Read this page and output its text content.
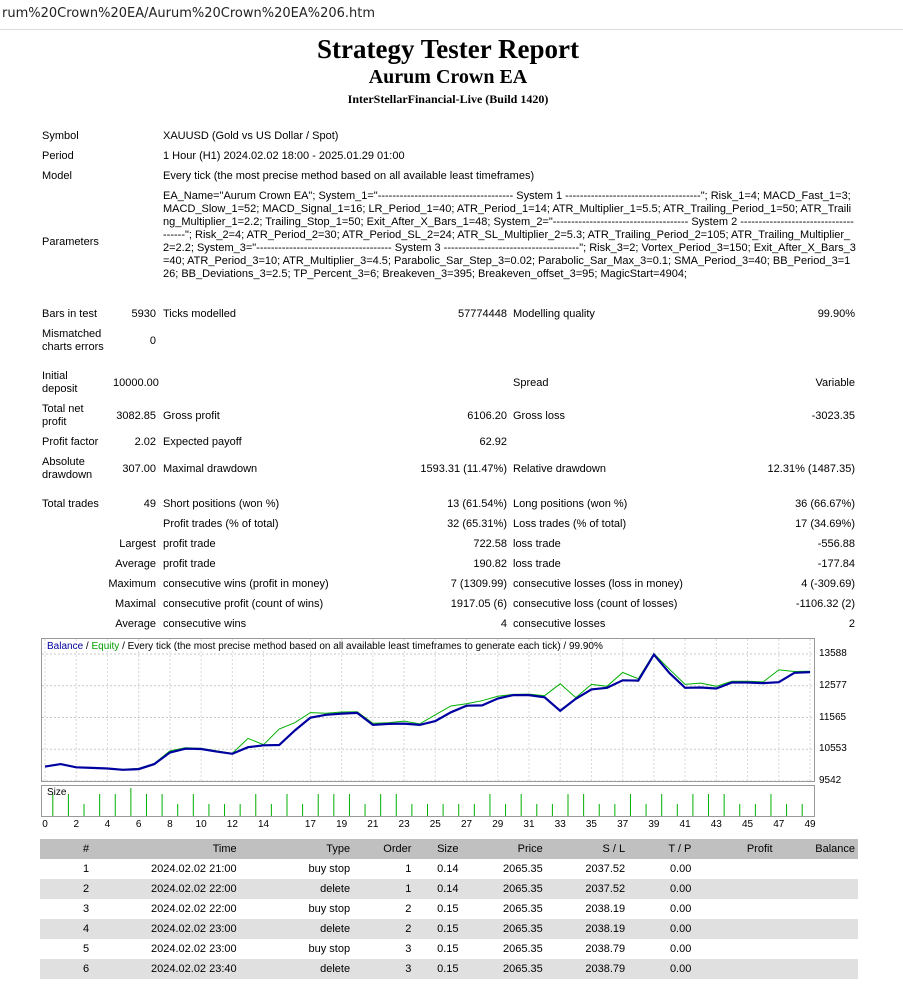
rum%20Crown%20EA/Aurum%20Crown%20EA%206.htm
Strategy Tester Report
Aurum Crown EA
InterStellarFinancial-Live (Build 1420)
Symbol	XAUUSD (Gold vs US Dollar / Spot)
Period	1 Hour (H1) 2024.02.02 18:00 - 2025.01.29 01:00
Model	Every tick (the most precise method based on all available least timeframes)
Parameters
EA_Name="Aurum Crown EA"; System_1="------------------------------------- System 1 -------------------------------------"; Risk_1=4; MACD_Fast_1=3; MACD_Slow_1=52; MACD_Signal_1=16; LR_Period_1=40; ATR_Period_1=14; ATR_Multiplier_1=5.5; ATR_Trailing_Period_1=50; ATR_Trailing_Multiplier_1=2.2; Trailing_Stop_1=50; Exit_After_X_Bars_1=48; System_2="------------------------------------- System 2 -------------------------------------"; Risk_2=4; ATR_Period_2=30; ATR_Period_SL_2=24; ATR_SL_Multiplier_2=5.3; ATR_Trailing_Period_2=105; ATR_Trailing_Multiplier_2=2.2; System_3="------------------------------------- System 3 -------------------------------------"; Risk_3=2; Vortex_Period_3=150; Exit_After_X_Bars_3=40; ATR_Period_3=10; ATR_Multiplier_3=4.5; Parabolic_Sar_Step_3=0.02; Parabolic_Sar_Max_3=0.1; SMA_Period_3=40; BB_Period_3=126; BB_Deviations_3=2.5; TP_Percent_3=6; Breakeven_3=395; Breakeven_offset_3=95; MagicStart=4904;
Bars in test	5930 Ticks modelled	57774448 Modelling quality	99.90%
Mismatched
charts errors	0
Initial
deposit	10000.00	Spread	Variable
Total net
profit	3082.85 Gross profit	6106.20 Gross loss	-3023.35
Profit factor	2.02 Expected payoff	62.92
Absolute
drawdown	307.00 Maximal drawdown	1593.31 (11.47%) Relative drawdown	12.31% (1487.35)
Total trades	49 Short positions (won %)	13 (61.54%) Long positions (won %)	36 (66.67%)
Profit trades (% of total)	32 (65.31%) Loss trades (% of total)	17 (34.69%)
Largest profit trade	722.58 loss trade	-556.88
Average profit trade	190.82 loss trade	-177.84
Maximum consecutive wins (profit in money)	7 (1309.99) consecutive losses (loss in money)	4 (-309.69)
Maximal consecutive profit (count of wins)	1917.05 (6) consecutive loss (count of losses)	-1106.32 (2)
Average consecutive wins	4 consecutive losses	2
Balance / Equity / Every tick (the most precise method based on all available least timeframes to generate each tick) / 99.90%
13588
12577
11565
10553
9542
Size
0	2	4	6	8	10	12	14	17	19	21	23	25	27	29	31	33	35	37	39	41	43	45	47	49
#	Time	Type	Order	Size	Price	S / L	T / P	Profit	Balance
1	2024.02.02 21:00	buy stop	1	0.14	2065.35	2037.52	0.00		
2	2024.02.02 22:00	delete	1	0.14	2065.35	2037.52	0.00		
3	2024.02.02 22:00	buy stop	2	0.15	2065.35	2038.19	0.00		
4	2024.02.02 23:00	delete	2	0.15	2065.35	2038.19	0.00		
5	2024.02.02 23:00	buy stop	3	0.15	2065.35	2038.79	0.00		
6	2024.02.02 23:40	delete	3	0.15	2065.35	2038.79	0.00		
